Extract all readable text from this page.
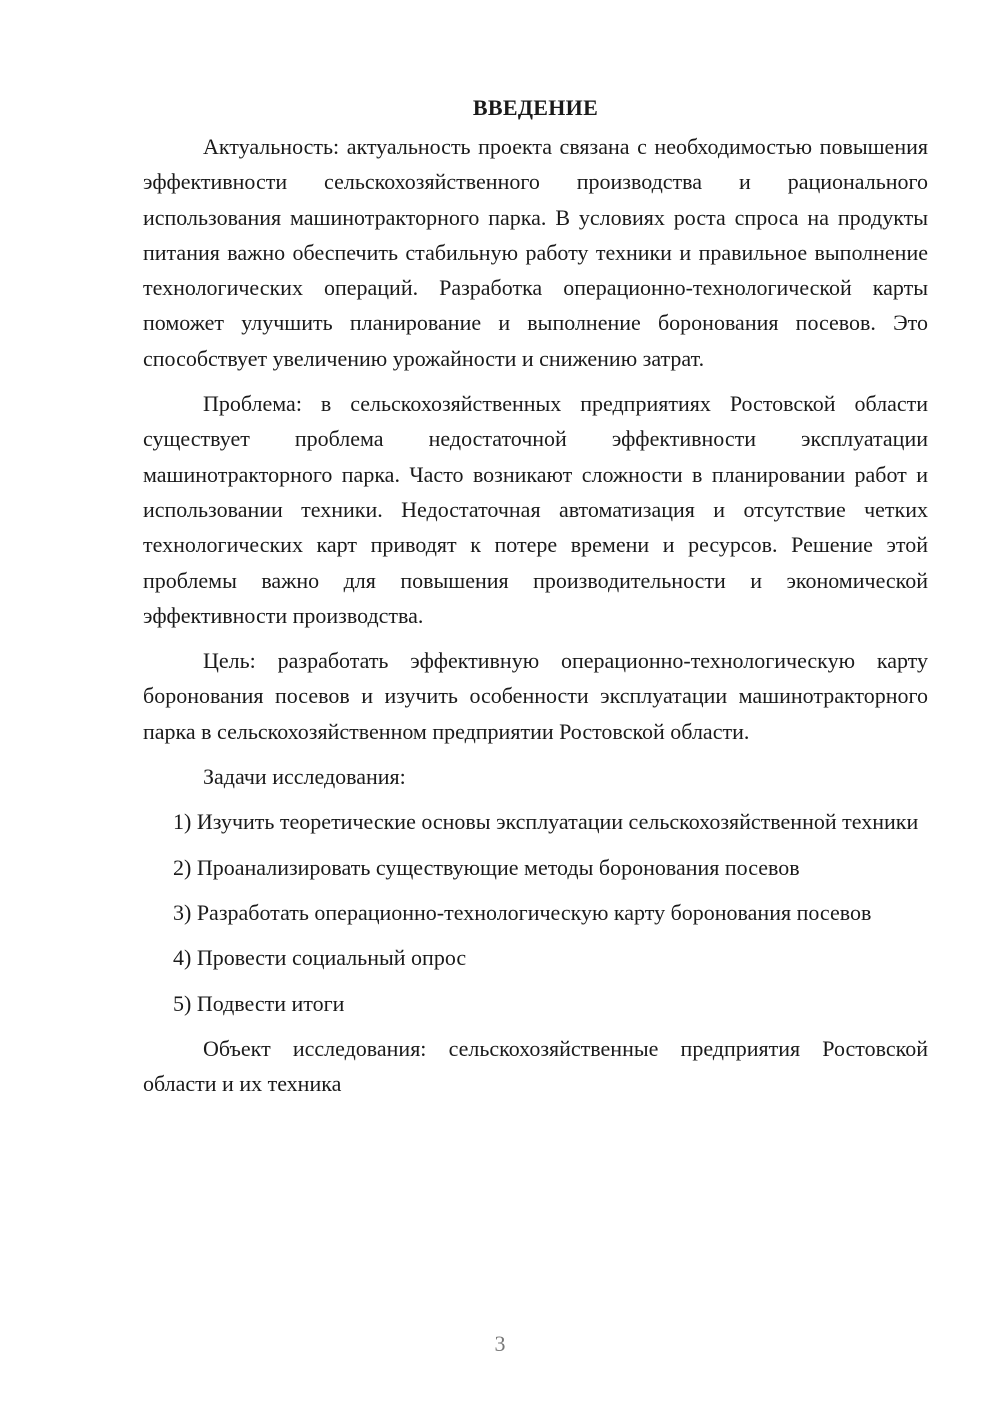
ВВЕДЕНИЕ

Актуальность: актуальность проекта связана с необходимостью повышения эффективности сельскохозяйственного производства и рационального использования машинотракторного парка. В условиях роста спроса на продукты питания важно обеспечить стабильную работу техники и правильное выполнение технологических операций. Разработка операционно-технологической карты поможет улучшить планирование и выполнение боронования посевов. Это способствует увеличению урожайности и снижению затрат.

Проблема: в сельскохозяйственных предприятиях Ростовской области существует проблема недостаточной эффективности эксплуатации машинотракторного парка. Часто возникают сложности в планировании работ и использовании техники. Недостаточная автоматизация и отсутствие четких технологических карт приводят к потере времени и ресурсов. Решение этой проблемы важно для повышения производительности и экономической эффективности производства.

Цель: разработать эффективную операционно-технологическую карту боронования посевов и изучить особенности эксплуатации машинотракторного парка в сельскохозяйственном предприятии Ростовской области.

Задачи исследования:

1) Изучить теоретические основы эксплуатации сельскохозяйственной техники

2) Проанализировать существующие методы боронования посевов

3) Разработать операционно-технологическую карту боронования посевов

4) Провести социальный опрос

5) Подвести итоги

Объект исследования: сельскохозяйственные предприятия Ростовской области и их техника

3
